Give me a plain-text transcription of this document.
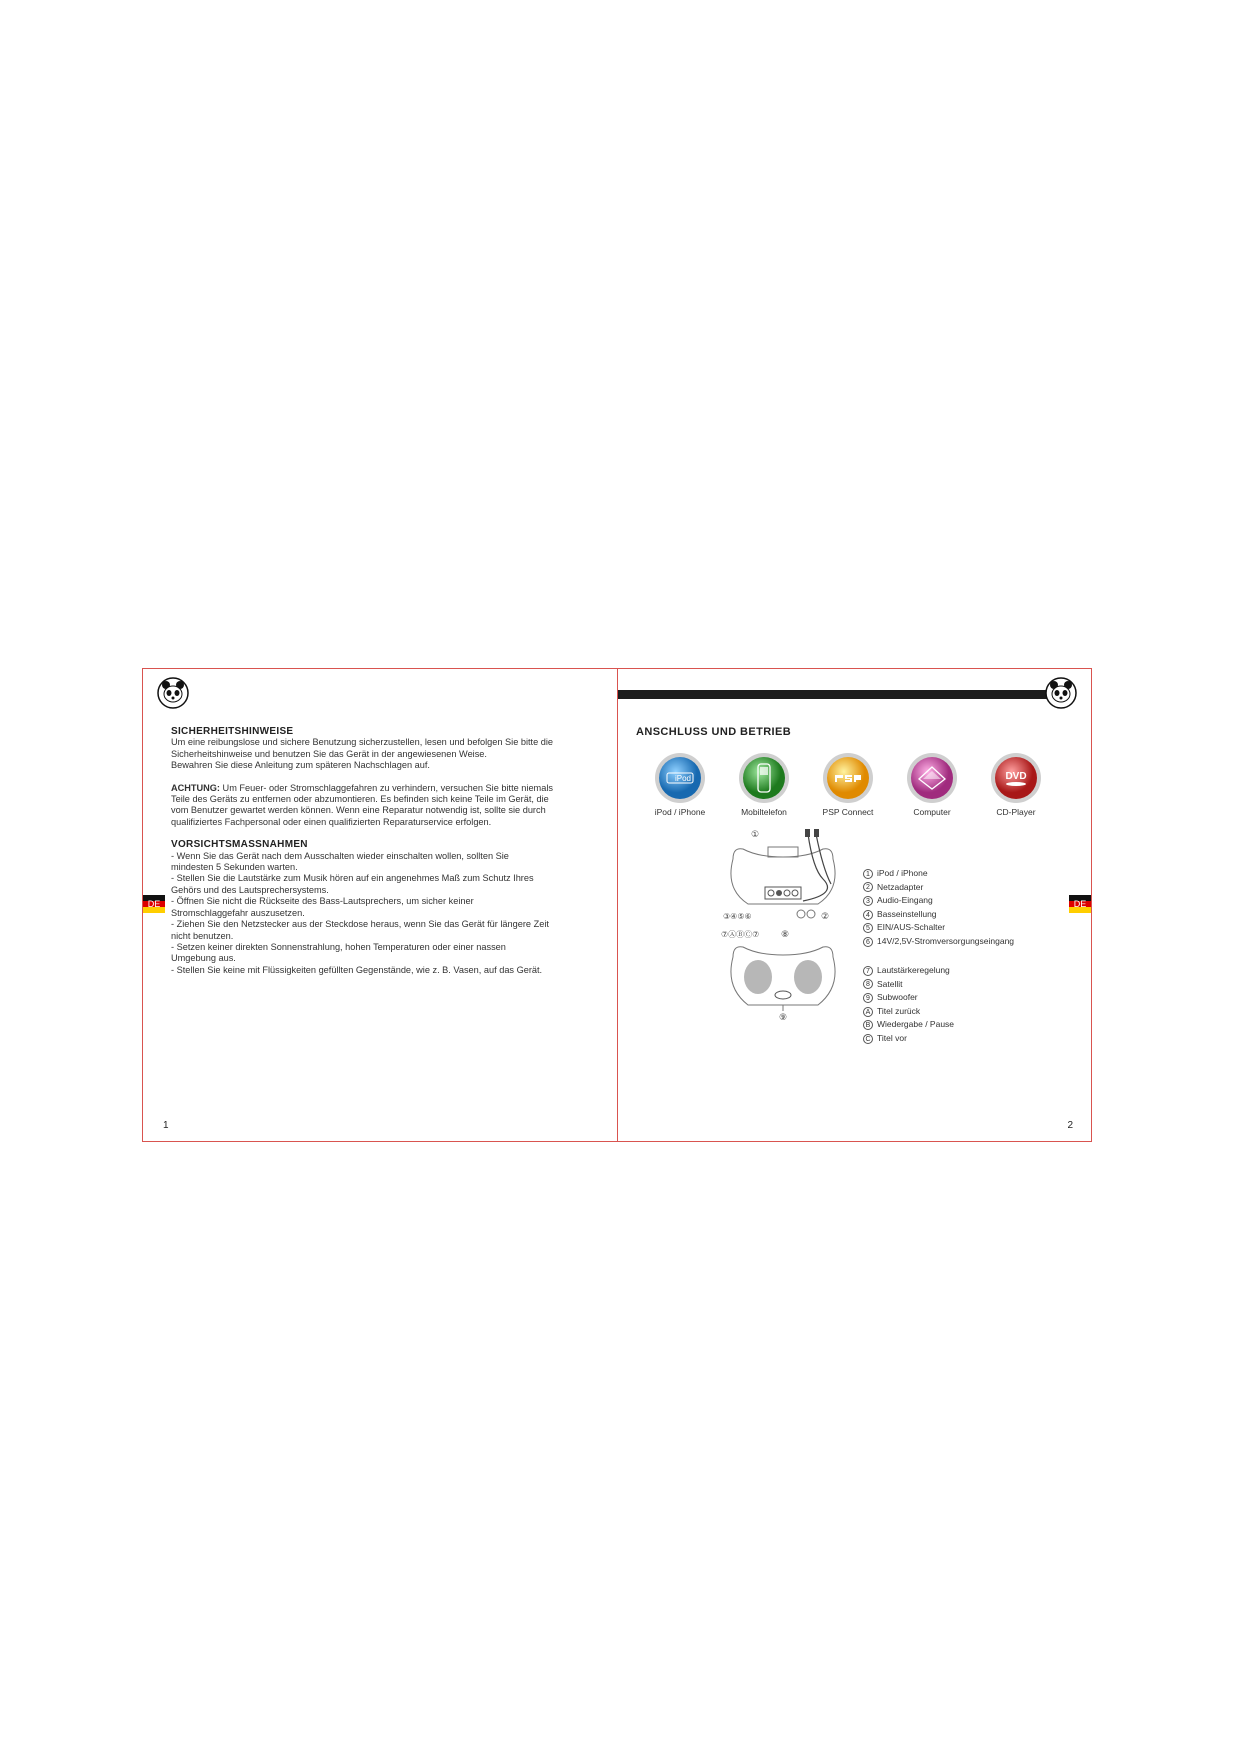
SICHERHEITSHINWEISE

Um eine reibungslose und sichere Benutzung sicherzustellen, lesen und befolgen Sie bitte die

Sicherheitshinweise und benutzen Sie das Gerät in der angewiesenen Weise.

Bewahren Sie diese Anleitung zum späteren Nachschlagen auf.

ACHTUNG: Um Feuer- oder Stromschlaggefahren zu verhindern, versuchen Sie bitte niemals

Teile des Geräts zu entfernen oder abzumontieren. Es befinden sich keine Teile im Gerät, die

vom Benutzer gewartet werden können. Wenn eine Reparatur notwendig ist, sollte sie durch

qualifiziertes Fachpersonal oder einen qualifizierten Reparaturservice erfolgen.

VORSICHTSMASSNAHMEN

- Wenn Sie das Gerät nach dem Ausschalten wieder einschalten wollen, sollten Sie

mindesten 5 Sekunden warten.

- Stellen Sie die Lautstärke zum Musik hören auf ein angenehmes Maß zum Schutz Ihres

Gehörs und des Lautsprechersystems.

- Öffnen Sie nicht die Rückseite des Bass-Lautsprechers, um sicher keiner

Stromschlaggefahr auszusetzen.

- Ziehen Sie den Netzstecker aus der Steckdose heraus, wenn Sie das Gerät für längere Zeit

nicht benutzen.

- Setzen keiner direkten Sonnenstrahlung, hohen Temperaturen oder einer nassen

Umgebung aus.

- Stellen Sie keine mit Flüssigkeiten gefüllten Gegenstände, wie z. B. Vasen, auf das Gerät.

DE
1
ANSCHLUSS UND BETRIEB
iPod
iPod / iPhone	Mobiltelefon	PSP Connect	Computer
DVD
CD-Player
①
③④⑤⑥	②
⑦ⒶⒷⒸ⑦ ⑧
⑨
1 iPod / iPhone
2 Netzadapter
3 Audio-Eingang
4 Basseinstellung
5 EIN/AUS-Schalter
6 14V/2,5V-Stromversorgungseingang
7 Lautstärkeregelung
8 Satellit
9 Subwoofer
A Titel zurück
B Wiedergabe / Pause
C Titel vor
DE
2
